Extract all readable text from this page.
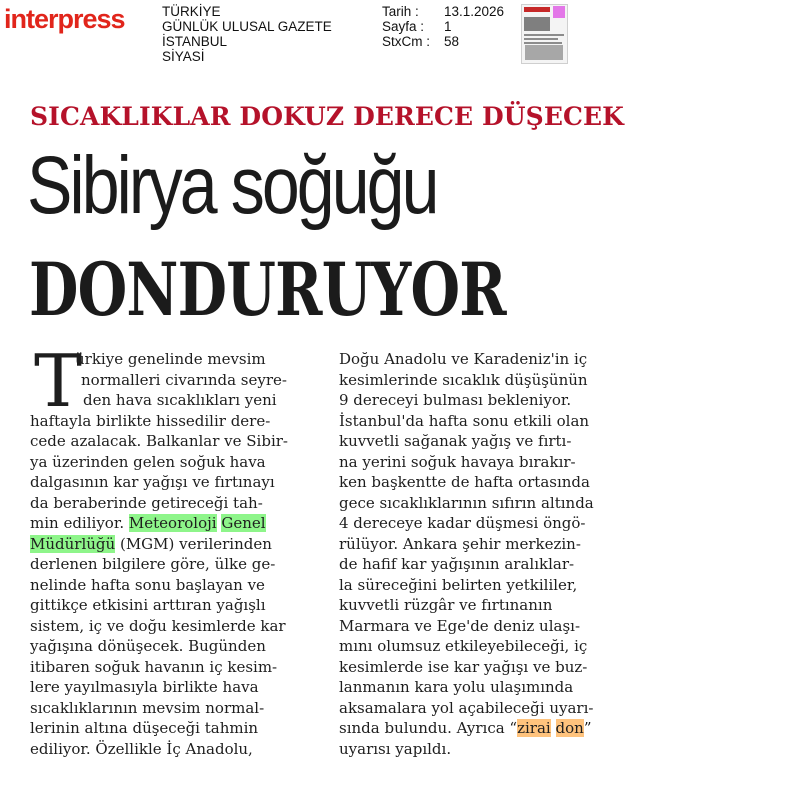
interpress	TÜRKİYE
GÜNLÜK ULUSAL GAZETE
İSTANBUL
SİYASİ
Tarih :	13.1.2026
Sayfa :	1
StxCm :	58
SICAKLIKLAR DOKUZ DERECE DÜŞECEK
Sibirya soğuğu
DONDURUYOR
T
ürkiye genelinde mevsim
normalleri civarında seyre-
den hava sıcaklıkları yeni
haftayla birlikte hissedilir dere-
cede azalacak. Balkanlar ve Sibir-
ya üzerinden gelen soğuk hava
dalgasının kar yağışı ve fırtınayı
da beraberinde getireceği tah-
min ediliyor. Meteoroloji Genel
Müdürlüğü (MGM) verilerinden
derlenen bilgilere göre, ülke ge-
nelinde hafta sonu başlayan ve
gittikçe etkisini arttıran yağışlı
sistem, iç ve doğu kesimlerde kar
yağışına dönüşecek. Bugünden
itibaren soğuk havanın iç kesim-
lere yayılmasıyla birlikte hava
sıcaklıklarının mevsim normal-
lerinin altına düşeceği tahmin
ediliyor. Özellikle İç Anadolu,
Doğu Anadolu ve Karadeniz'in iç
kesimlerinde sıcaklık düşüşünün
9 dereceyi bulması bekleniyor.
İstanbul'da hafta sonu etkili olan
kuvvetli sağanak yağış ve fırtı-
na yerini soğuk havaya bırakır-
ken başkentte de hafta ortasında
gece sıcaklıklarının sıfırın altında
4 dereceye kadar düşmesi öngö-
rülüyor. Ankara şehir merkezin-
de hafif kar yağışının aralıklar-
la süreceğini belirten yetkililer,
kuvvetli rüzgâr ve fırtınanın
Marmara ve Ege'de deniz ulaşı-
mını olumsuz etkileyebileceği, iç
kesimlerde ise kar yağışı ve buz-
lanmanın kara yolu ulaşımında
aksamalara yol açabileceği uyarı-
sında bulundu. Ayrıca “zirai don”
uyarısı yapıldı.
